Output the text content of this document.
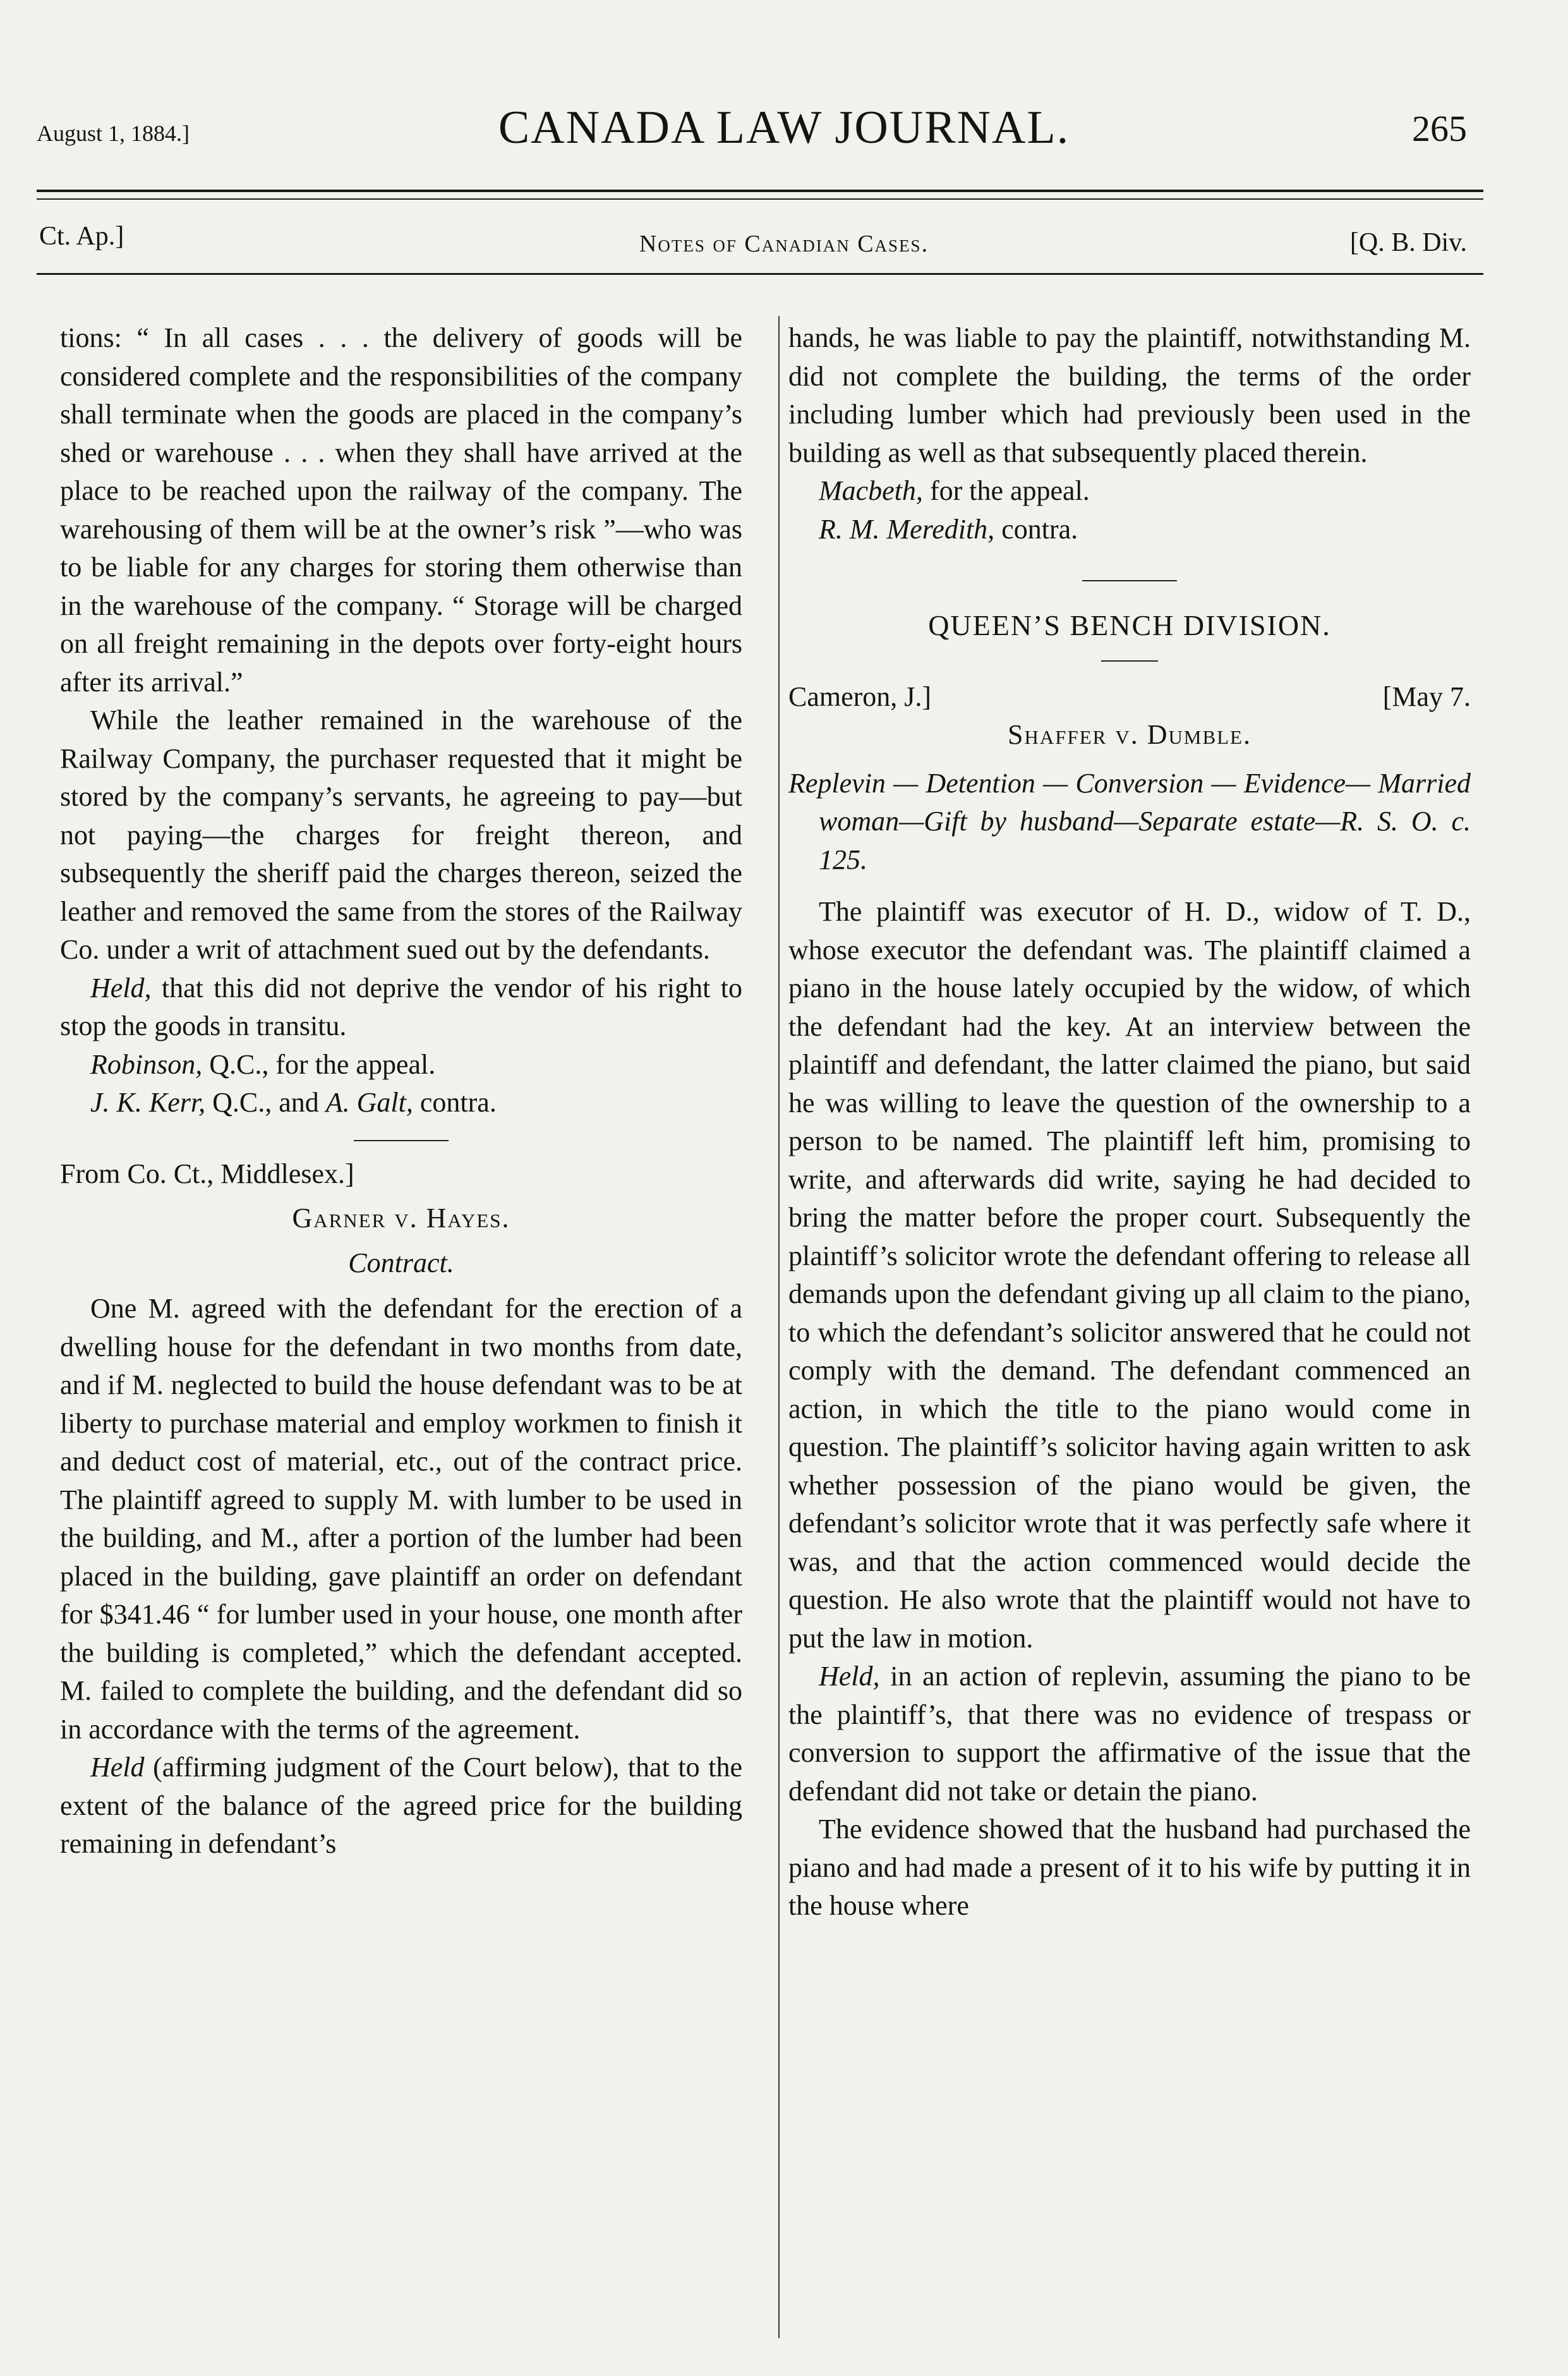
August 1, 1884.]	CANADA LAW JOURNAL.	265
Ct. Ap.]	Notes of Canadian Cases.	[Q. B. Div.

tions: “ In all cases . . . the delivery of goods will be considered complete and the responsibilities of the company shall terminate when the goods are placed in the company’s shed or warehouse . . . when they shall have arrived at the place to be reached upon the railway of the company. The warehousing of them will be at the owner’s risk ”—who was to be liable for any charges for storing them otherwise than in the warehouse of the company. “ Storage will be charged on all freight remaining in the depots over forty-eight hours after its arrival.”

While the leather remained in the warehouse of the Railway Company, the purchaser requested that it might be stored by the company’s servants, he agreeing to pay—but not paying—the charges for freight thereon, and subsequently the sheriff paid the charges thereon, seized the leather and removed the same from the stores of the Railway Co. under a writ of attachment sued out by the defendants.

Held, that this did not deprive the vendor of his right to stop the goods in transitu.

Robinson, Q.C., for the appeal.

J. K. Kerr, Q.C., and A. Galt, contra.

From Co. Ct., Middlesex.]

Garner v. Hayes.

Contract.

One M. agreed with the defendant for the erection of a dwelling house for the defendant in two months from date, and if M. neglected to build the house defendant was to be at liberty to purchase material and employ workmen to finish it and deduct cost of material, etc., out of the contract price. The plaintiff agreed to supply M. with lumber to be used in the building, and M., after a portion of the lumber had been placed in the building, gave plaintiff an order on defendant for $341.46 “ for lumber used in your house, one month after the building is completed,” which the defendant accepted. M. failed to complete the building, and the defendant did so in accordance with the terms of the agreement.

Held (affirming judgment of the Court below), that to the extent of the balance of the agreed price for the building remaining in defendant’s

hands, he was liable to pay the plaintiff, notwithstanding M. did not complete the building, the terms of the order including lumber which had previously been used in the building as well as that subsequently placed therein.

Macbeth, for the appeal.

R. M. Meredith, contra.

QUEEN’S BENCH DIVISION.

Cameron, J.]	[May 7.

Shaffer v. Dumble.

Replevin — Detention — Conversion — Evidence— Married woman—Gift by husband—Separate estate—R. S. O. c. 125.

The plaintiff was executor of H. D., widow of T. D., whose executor the defendant was. The plaintiff claimed a piano in the house lately occupied by the widow, of which the defendant had the key. At an interview between the plaintiff and defendant, the latter claimed the piano, but said he was willing to leave the question of the ownership to a person to be named. The plaintiff left him, promising to write, and afterwards did write, saying he had decided to bring the matter before the proper court. Subsequently the plaintiff’s solicitor wrote the defendant offering to release all demands upon the defendant giving up all claim to the piano, to which the defendant’s solicitor answered that he could not comply with the demand. The defendant commenced an action, in which the title to the piano would come in question. The plaintiff’s solicitor having again written to ask whether possession of the piano would be given, the defendant’s solicitor wrote that it was perfectly safe where it was, and that the action commenced would decide the question. He also wrote that the plaintiff would not have to put the law in motion.

Held, in an action of replevin, assuming the piano to be the plaintiff’s, that there was no evidence of trespass or conversion to support the affirmative of the issue that the defendant did not take or detain the piano.

The evidence showed that the husband had purchased the piano and had made a present of it to his wife by putting it in the house where
